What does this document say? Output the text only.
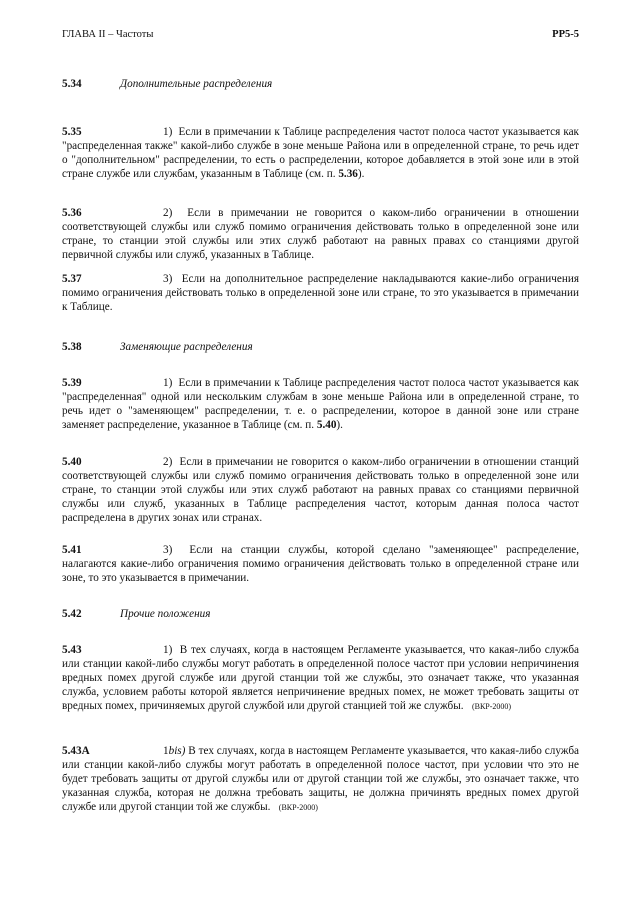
ГЛАВА II – Частоты	РР5-5
5.34	Дополнительные распределения
5.35	1) Если в примечании к Таблице распределения частот полоса частот указывается как "распределенная также" какой-либо службе в зоне меньше Района или в определенной стране, то речь идет о "дополнительном" распределении, то есть о распределении, которое добавляется в этой зоне или в этой стране службе или службам, указанным в Таблице (см. п. 5.36).
5.36	2) Если в примечании не говорится о каком-либо ограничении в отношении соответствующей службы или служб помимо ограничения действовать только в определенной зоне или стране, то станции этой службы или этих служб работают на равных правах со станциями другой первичной службы или служб, указанных в Таблице.
5.37	3) Если на дополнительное распределение накладываются какие-либо ограничения помимо ограничения действовать только в определенной зоне или стране, то это указывается в примечании к Таблице.
5.38	Заменяющие распределения
5.39	1) Если в примечании к Таблице распределения частот полоса частот указывается как "распределенная" одной или нескольким службам в зоне меньше Района или в определенной стране, то речь идет о "заменяющем" распределении, т. е. о распределении, которое в данной зоне или стране заменяет распределение, указанное в Таблице (см. п. 5.40).
5.40	2) Если в примечании не говорится о каком-либо ограничении в отношении станций соответствующей службы или служб помимо ограничения действовать только в определенной зоне или стране, то станции этой службы или этих служб работают на равных правах со станциями первичной службы или служб, указанных в Таблице распределения частот, которым данная полоса частот распределена в других зонах или странах.
5.41	3) Если на станции службы, которой сделано "заменяющее" распределение, налагаются какие-либо ограничения помимо ограничения действовать только в определенной стране или зоне, то это указывается в примечании.
5.42	Прочие положения
5.43	1) В тех случаях, когда в настоящем Регламенте указывается, что какая-либо служба или станции какой-либо службы могут работать в определенной полосе частот при условии непричинения вредных помех другой службе или другой станции той же службы, это означает также, что указанная служба, условием работы которой является непричинение вредных помех, не может требовать защиты от вредных помех, причиняемых другой службой или другой станцией той же службы. (ВКР-2000)
5.43A	1bis) В тех случаях, когда в настоящем Регламенте указывается, что какая-либо служба или станции какой-либо службы могут работать в определенной полосе частот, при условии что это не будет требовать защиты от другой службы или от другой станции той же службы, это означает также, что указанная служба, которая не должна требовать защиты, не должна причинять вредных помех другой службе или другой станции той же службы. (ВКР-2000)
